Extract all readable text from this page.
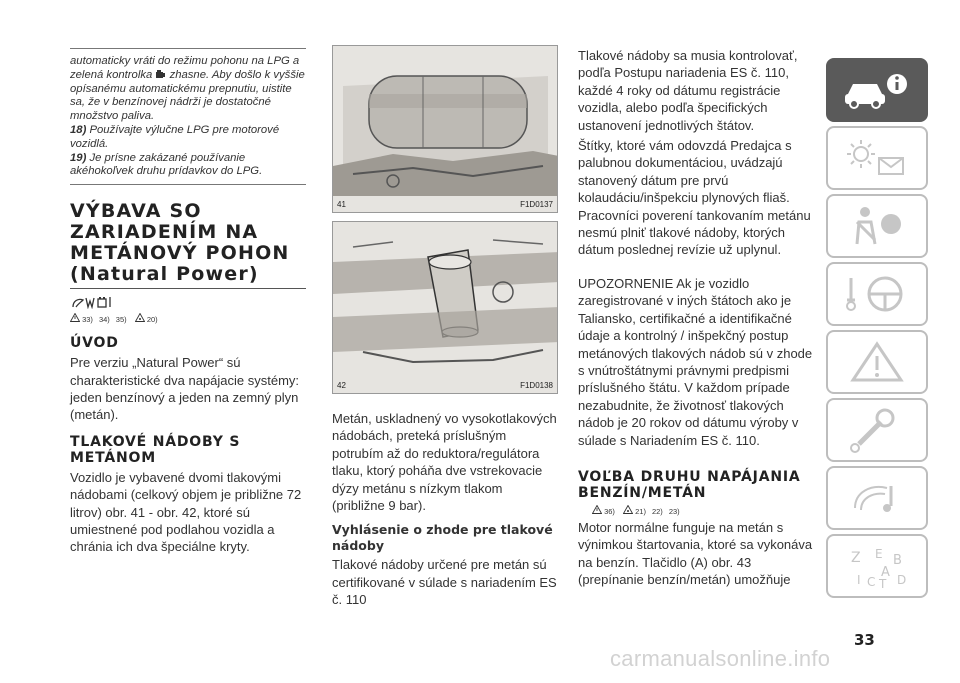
automaticky vráti do režimu pohonu na LPG a zelená kontrolka zhasne. Aby došlo k vyššie opísanému automatickému prepnutiu, uistite sa, že v benzínovej nádrži je dostatočné množstvo paliva.

18) Používajte výlučne LPG pre motorové vozidlá.

19) Je prísne zakázané používanie akéhokoľvek druhu prídavkov do LPG.

VÝBAVA SO ZARIADENÍM NA METÁNOVÝ POHON (Natural Power)
33) 34) 35)	20)
ÚVOD
Pre verziu „Natural Power“ sú charakteristické dva napájacie systémy: jeden benzínový a jeden na zemný plyn (metán).
TLAKOVÉ NÁDOBY S METÁNOM
Vozidlo je vybavené dvomi tlakovými nádobami (celkový objem je približne 72 litrov) obr. 41 - obr. 42, ktoré sú umiestnené pod podlahou vozidla a chránia ich dva špeciálne kryty.
41	F1D0137
42	F1D0138
Metán, uskladnený vo vysokotlakových nádobách, preteká príslušným potrubím až do reduktora/regulátora tlaku, ktorý poháňa dve vstrekovacie dýzy metánu s nízkym tlakom (približne 9 bar).
Vyhlásenie o zhode pre tlakové nádoby
Tlakové nádoby určené pre metán sú certifikované v súlade s nariadením ES č. 110
Tlakové nádoby sa musia kontrolovať, podľa Postupu nariadenia ES č. 110, každé 4 roky od dátumu registrácie vozidla, alebo podľa špecifických ustanovení jednotlivých štátov.
Štítky, ktoré vám odovzdá Predajca s palubnou dokumentáciou, uvádzajú stanovený dátum pre prvú kolaudáciu/inšpekciu plynových fliaš. Pracovníci poverení tankovaním metánu nesmú plniť tlakové nádoby, ktorých dátum poslednej revízie už uplynul.
UPOZORNENIE Ak je vozidlo zaregistrované v iných štátoch ako je Taliansko, certifikačné a identifikačné údaje a kontrolný / inšpekčný postup metánových tlakových nádob sú v zhode s vnútroštátnymi právnymi predpismi príslušného štátu. V každom prípade nezabudnite, že životnosť tlakových nádob je 20 rokov od dátumu výroby v súlade s Nariadením ES č. 110.
VOĽBA DRUHU NAPÁJANIA BENZÍN/METÁN
36)	21) 22) 23)
Motor normálne funguje na metán s výnimkou štartovania, ktoré sa vykonáva na benzín. Tlačidlo (A) obr. 43 (prepínanie benzín/metán) umožňuje
Z E B
A
I C T D
33
carmanualsonline.info
